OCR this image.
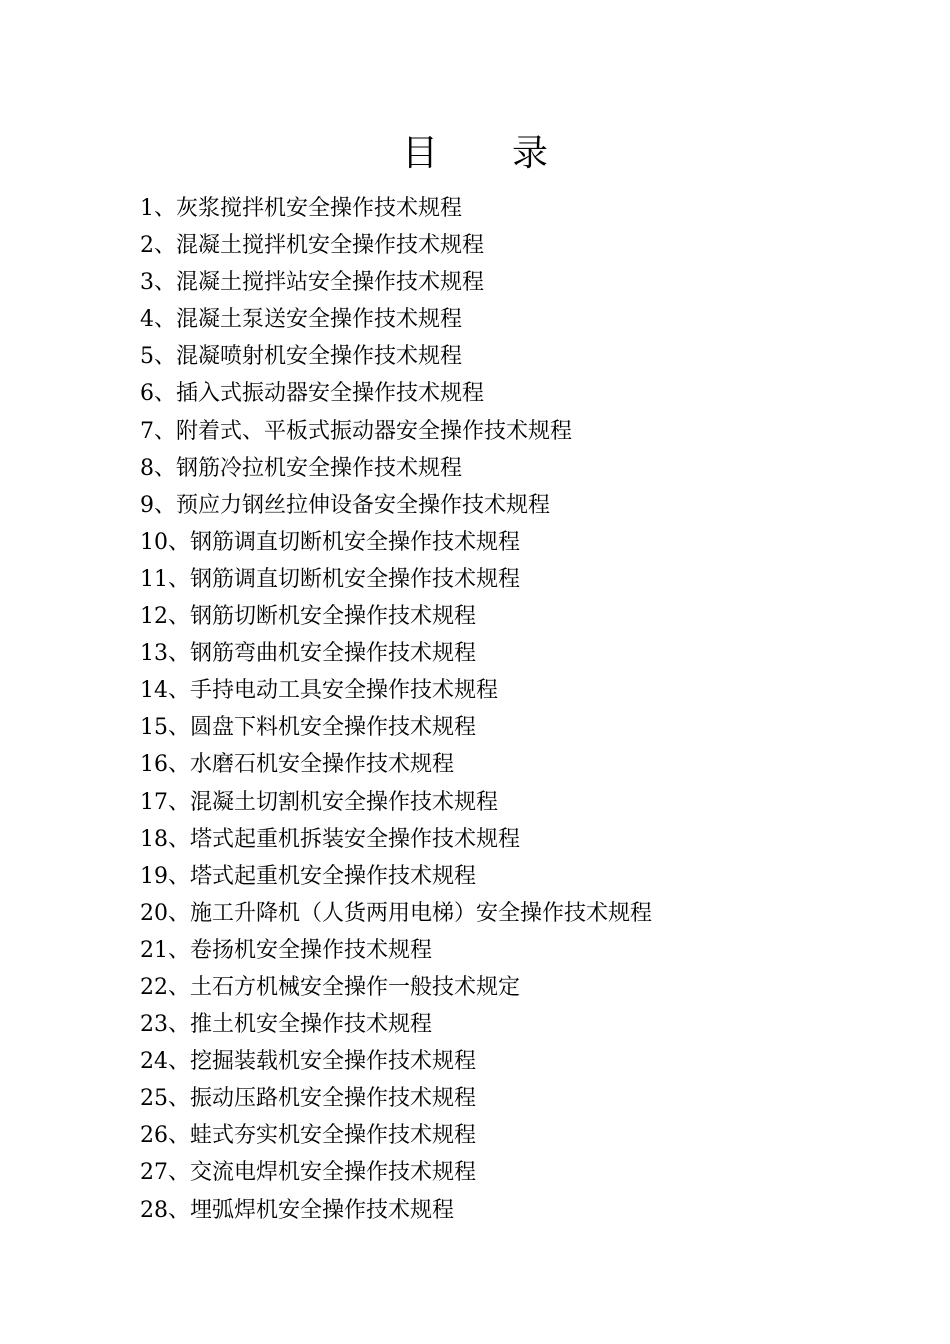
目 录
1、灰浆搅拌机安全操作技术规程
2、混凝土搅拌机安全操作技术规程
3、混凝土搅拌站安全操作技术规程
4、混凝土泵送安全操作技术规程
5、混凝喷射机安全操作技术规程
6、插入式振动器安全操作技术规程
7、附着式、平板式振动器安全操作技术规程
8、钢筋冷拉机安全操作技术规程
9、预应力钢丝拉伸设备安全操作技术规程
10、钢筋调直切断机安全操作技术规程
11、钢筋调直切断机安全操作技术规程
12、钢筋切断机安全操作技术规程
13、钢筋弯曲机安全操作技术规程
14、手持电动工具安全操作技术规程
15、圆盘下料机安全操作技术规程
16、水磨石机安全操作技术规程
17、混凝土切割机安全操作技术规程
18、塔式起重机拆装安全操作技术规程
19、塔式起重机安全操作技术规程
20、施工升降机（人货两用电梯）安全操作技术规程
21、卷扬机安全操作技术规程
22、土石方机械安全操作一般技术规定
23、推土机安全操作技术规程
24、挖掘装载机安全操作技术规程
25、振动压路机安全操作技术规程
26、蛙式夯实机安全操作技术规程
27、交流电焊机安全操作技术规程
28、埋弧焊机安全操作技术规程
